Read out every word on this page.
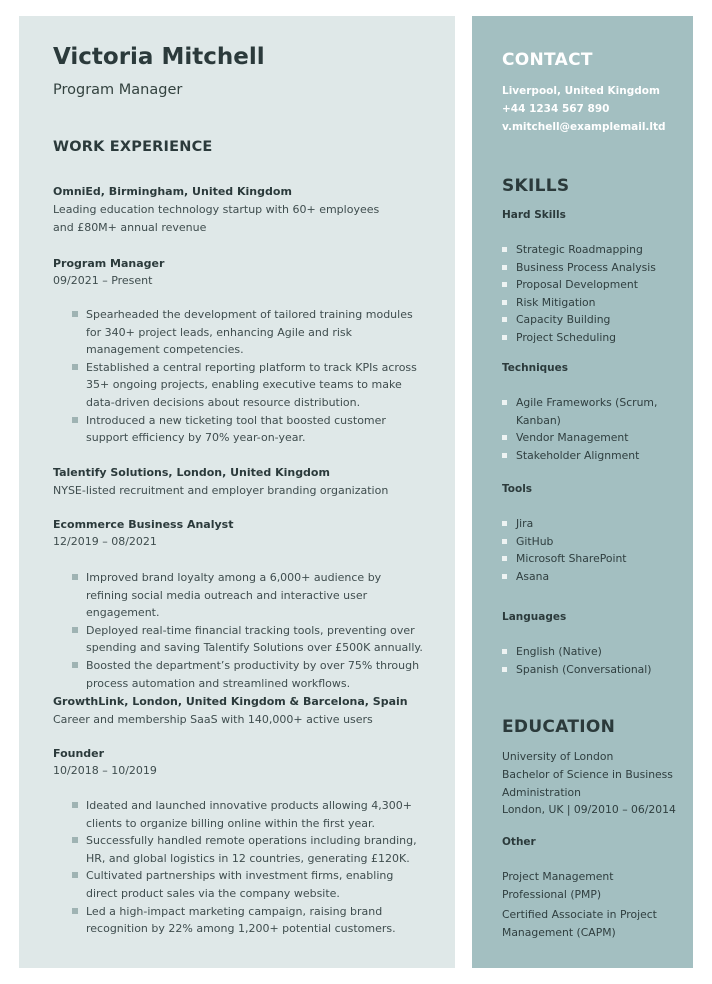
Victoria Mitchell
Program Manager
WORK EXPERIENCE
OmniEd, Birmingham, United Kingdom
Leading education technology startup with 60+ employees and £80M+ annual revenue
Program Manager
09/2021 – Present
Spearheaded the development of tailored training modules for 340+ project leads, enhancing Agile and risk management competencies.
Established a central reporting platform to track KPIs across 35+ ongoing projects, enabling executive teams to make data-driven decisions about resource distribution.
Introduced a new ticketing tool that boosted customer support efficiency by 70% year-on-year.
Talentify Solutions, London, United Kingdom
NYSE-listed recruitment and employer branding organization
Ecommerce Business Analyst
12/2019 – 08/2021
Improved brand loyalty among a 6,000+ audience by refining social media outreach and interactive user engagement.
Deployed real-time financial tracking tools, preventing over spending and saving Talentify Solutions over £500K annually.
Boosted the department’s productivity by over 75% through process automation and streamlined workflows.
GrowthLink, London, United Kingdom & Barcelona, Spain
Career and membership SaaS with 140,000+ active users
Founder
10/2018 – 10/2019
Ideated and launched innovative products allowing 4,300+ clients to organize billing online within the first year.
Successfully handled remote operations including branding, HR, and global logistics in 12 countries, generating £120K.
Cultivated partnerships with investment firms, enabling direct product sales via the company website.
Led a high-impact marketing campaign, raising brand recognition by 22% among 1,200+ potential customers.
CONTACT
Liverpool, United Kingdom
+44 1234 567 890
v.mitchell@examplemail.ltd
SKILLS
Hard Skills
Strategic Roadmapping
Business Process Analysis
Proposal Development
Risk Mitigation
Capacity Building
Project Scheduling
Techniques
Agile Frameworks (Scrum, Kanban)
Vendor Management
Stakeholder Alignment
Tools
Jira
GitHub
Microsoft SharePoint
Asana
Languages
English (Native)
Spanish (Conversational)
EDUCATION
University of London
Bachelor of Science in Business Administration
London, UK | 09/2010 – 06/2014
Other
Project Management Professional (PMP)
Certified Associate in Project Management (CAPM)
